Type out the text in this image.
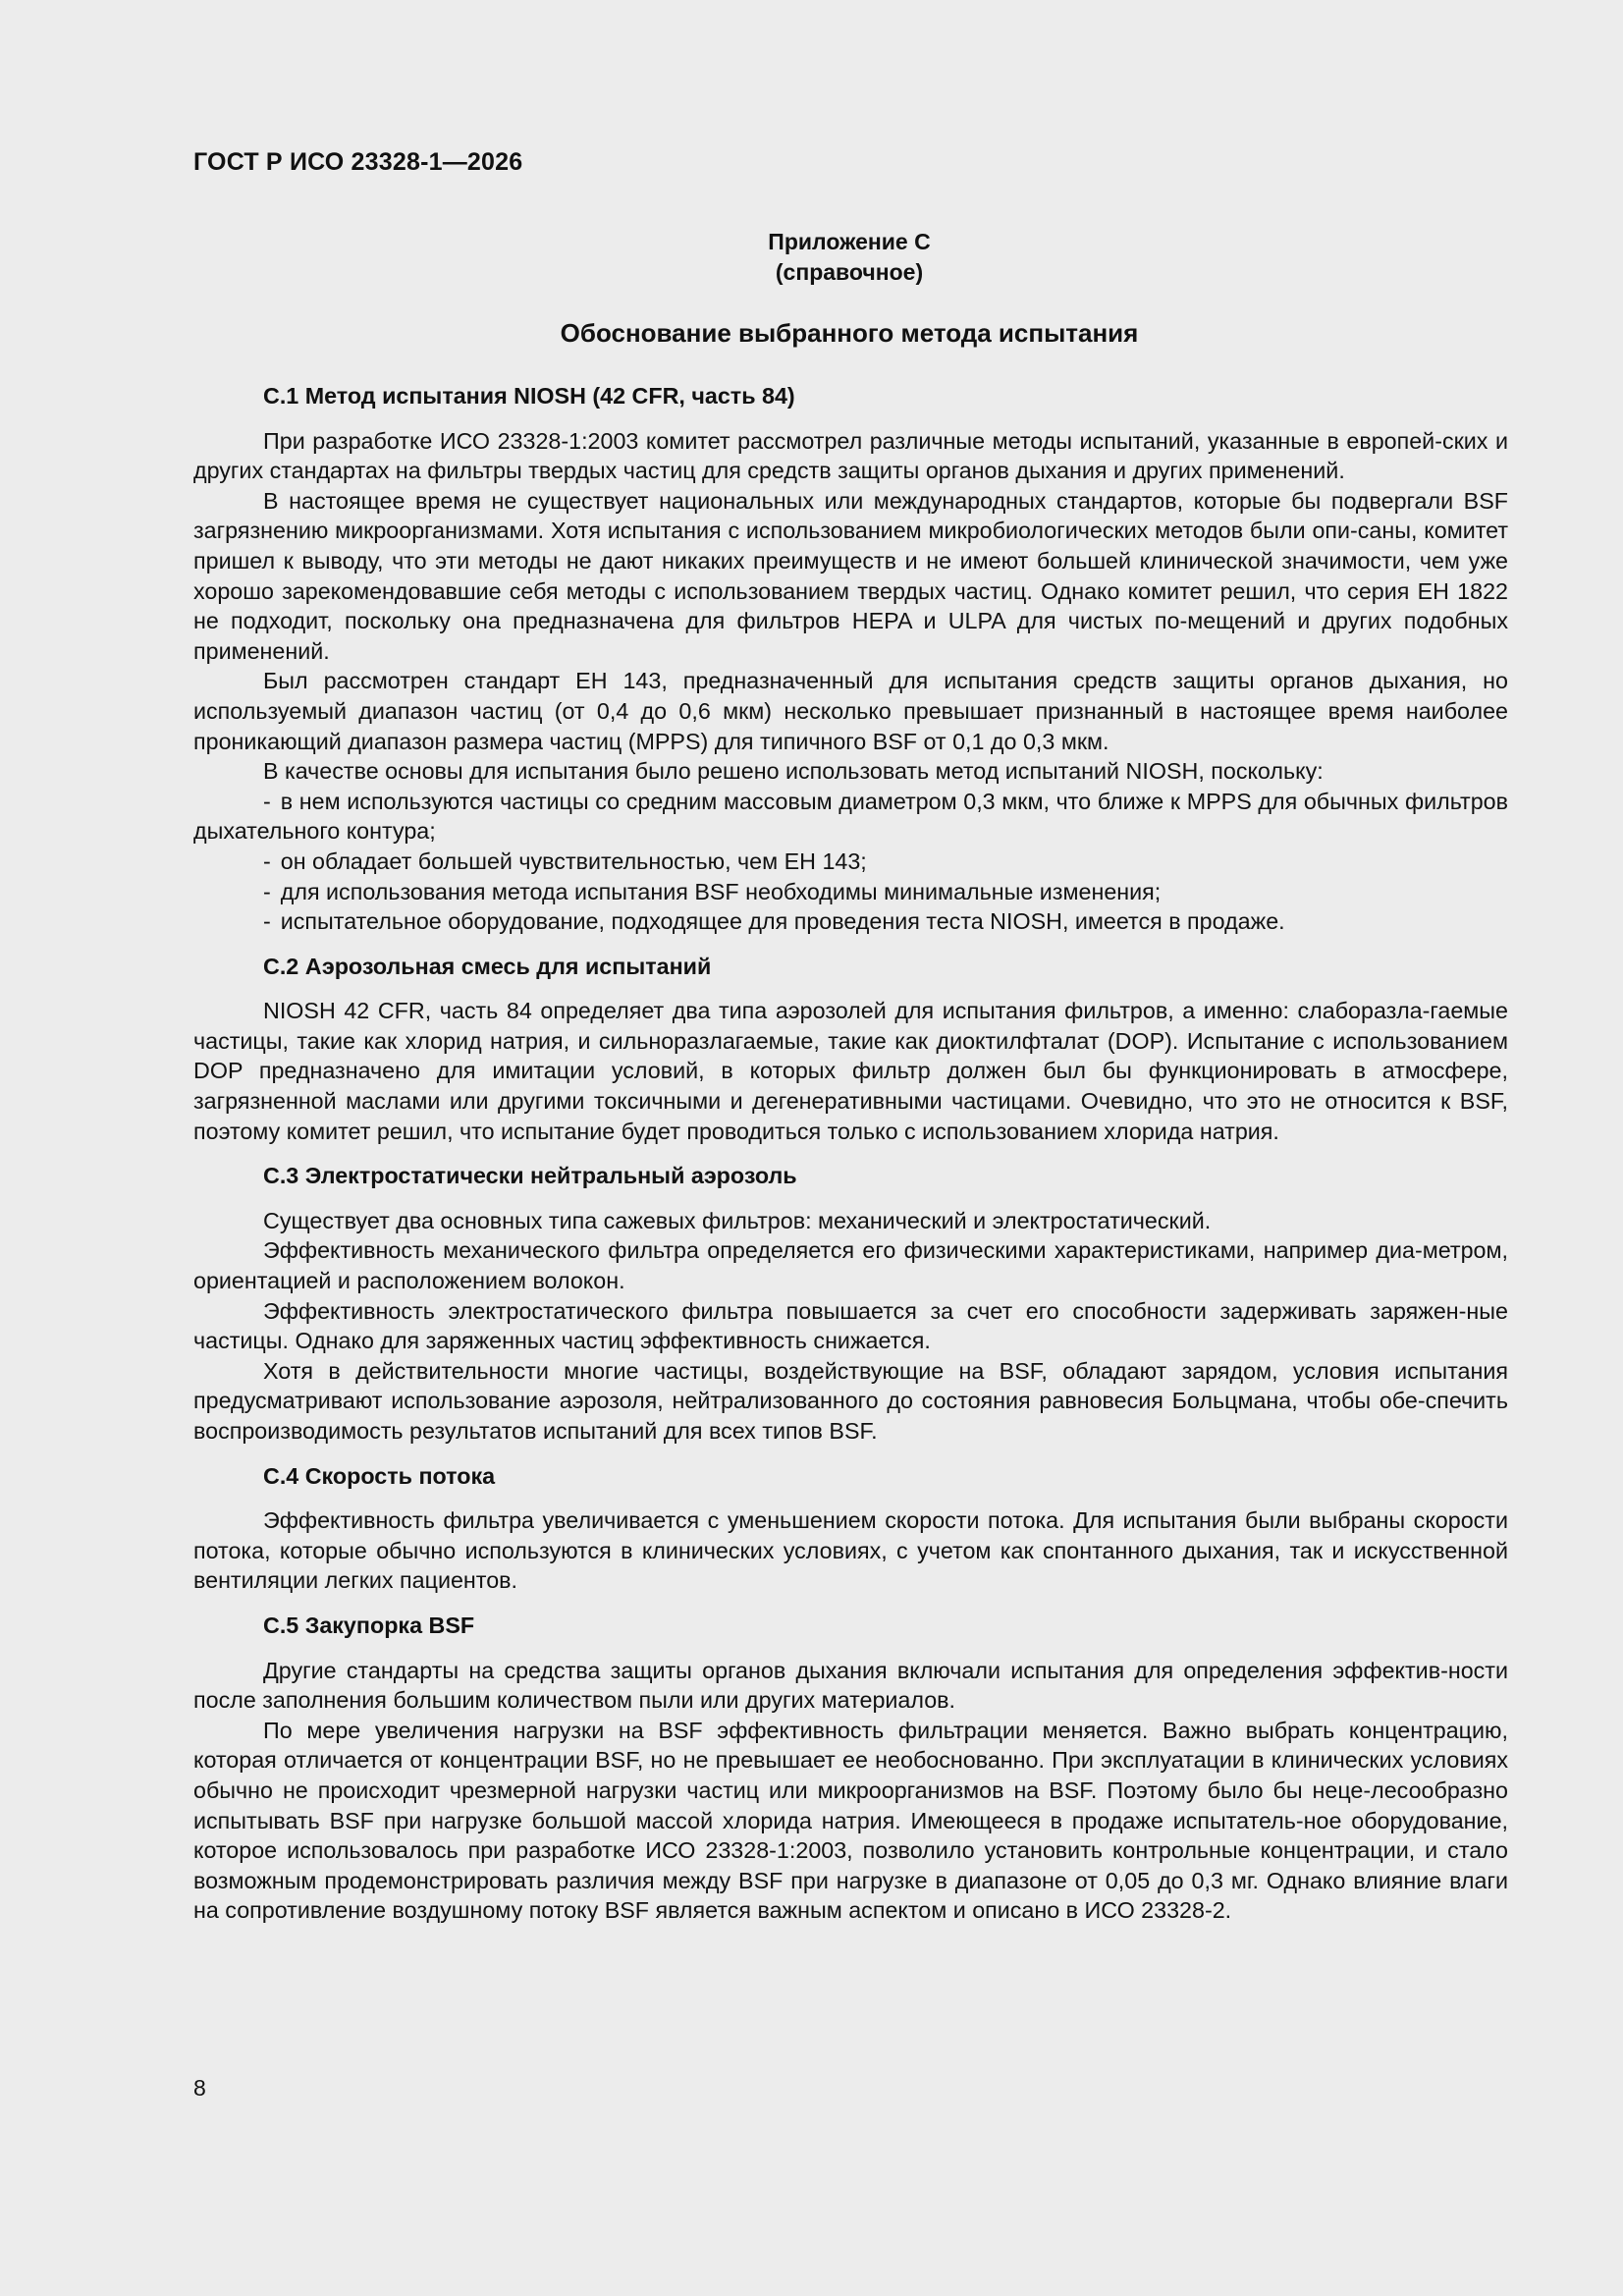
ГОСТ Р ИСО 23328-1—2026
Приложение С
(справочное)
Обоснование выбранного метода испытания
С.1 Метод испытания NIOSH (42 CFR, часть 84)

При разработке ИСО 23328-1:2003 комитет рассмотрел различные методы испытаний, указанные в европей-ских и других стандартах на фильтры твердых частиц для средств защиты органов дыхания и других применений.

В настоящее время не существует национальных или международных стандартов, которые бы подвергали BSF загрязнению микроорганизмами. Хотя испытания с использованием микробиологических методов были опи-саны, комитет пришел к выводу, что эти методы не дают никаких преимуществ и не имеют большей клинической значимости, чем уже хорошо зарекомендовавшие себя методы с использованием твердых частиц. Однако комитет решил, что серия ЕН 1822 не подходит, поскольку она предназначена для фильтров HEPA и ULPA для чистых по-мещений и других подобных применений.

Был рассмотрен стандарт ЕН 143, предназначенный для испытания средств защиты органов дыхания, но используемый диапазон частиц (от 0,4 до 0,6 мкм) несколько превышает признанный в настоящее время наиболее проникающий диапазон размера частиц (MPPS) для типичного BSF от 0,1 до 0,3 мкм.

В качестве основы для испытания было решено использовать метод испытаний NIOSH, поскольку:

- в нем используются частицы со средним массовым диаметром 0,3 мкм, что ближе к MPPS для обычных фильтров дыхательного контура;

- он обладает большей чувствительностью, чем ЕН 143;

- для использования метода испытания BSF необходимы минимальные изменения;

- испытательное оборудование, подходящее для проведения теста NIOSH, имеется в продаже.

С.2 Аэрозольная смесь для испытаний

NIOSH 42 CFR, часть 84 определяет два типа аэрозолей для испытания фильтров, а именно: слаборазла-гаемые частицы, такие как хлорид натрия, и сильноразлагаемые, такие как диоктилфталат (DOP). Испытание с использованием DOP предназначено для имитации условий, в которых фильтр должен был бы функционировать в атмосфере, загрязненной маслами или другими токсичными и дегенеративными частицами. Очевидно, что это не относится к BSF, поэтому комитет решил, что испытание будет проводиться только с использованием хлорида натрия.

С.3 Электростатически нейтральный аэрозоль

Существует два основных типа сажевых фильтров: механический и электростатический.

Эффективность механического фильтра определяется его физическими характеристиками, например диа-метром, ориентацией и расположением волокон.

Эффективность электростатического фильтра повышается за счет его способности задерживать заряжен-ные частицы. Однако для заряженных частиц эффективность снижается.

Хотя в действительности многие частицы, воздействующие на BSF, обладают зарядом, условия испытания предусматривают использование аэрозоля, нейтрализованного до состояния равновесия Больцмана, чтобы обе-спечить воспроизводимость результатов испытаний для всех типов BSF.

С.4 Скорость потока

Эффективность фильтра увеличивается с уменьшением скорости потока. Для испытания были выбраны скорости потока, которые обычно используются в клинических условиях, с учетом как спонтанного дыхания, так и искусственной вентиляции легких пациентов.

С.5 Закупорка BSF

Другие стандарты на средства защиты органов дыхания включали испытания для определения эффектив-ности после заполнения большим количеством пыли или других материалов.

По мере увеличения нагрузки на BSF эффективность фильтрации меняется. Важно выбрать концентрацию, которая отличается от концентрации BSF, но не превышает ее необоснованно. При эксплуатации в клинических условиях обычно не происходит чрезмерной нагрузки частиц или микроорганизмов на BSF. Поэтому было бы неце-лесообразно испытывать BSF при нагрузке большой массой хлорида натрия. Имеющееся в продаже испытатель-ное оборудование, которое использовалось при разработке ИСО 23328-1:2003, позволило установить контрольные концентрации, и стало возможным продемонстрировать различия между BSF при нагрузке в диапазоне от 0,05 до 0,3 мг. Однако влияние влаги на сопротивление воздушному потоку BSF является важным аспектом и описано в ИСО 23328-2.

8
